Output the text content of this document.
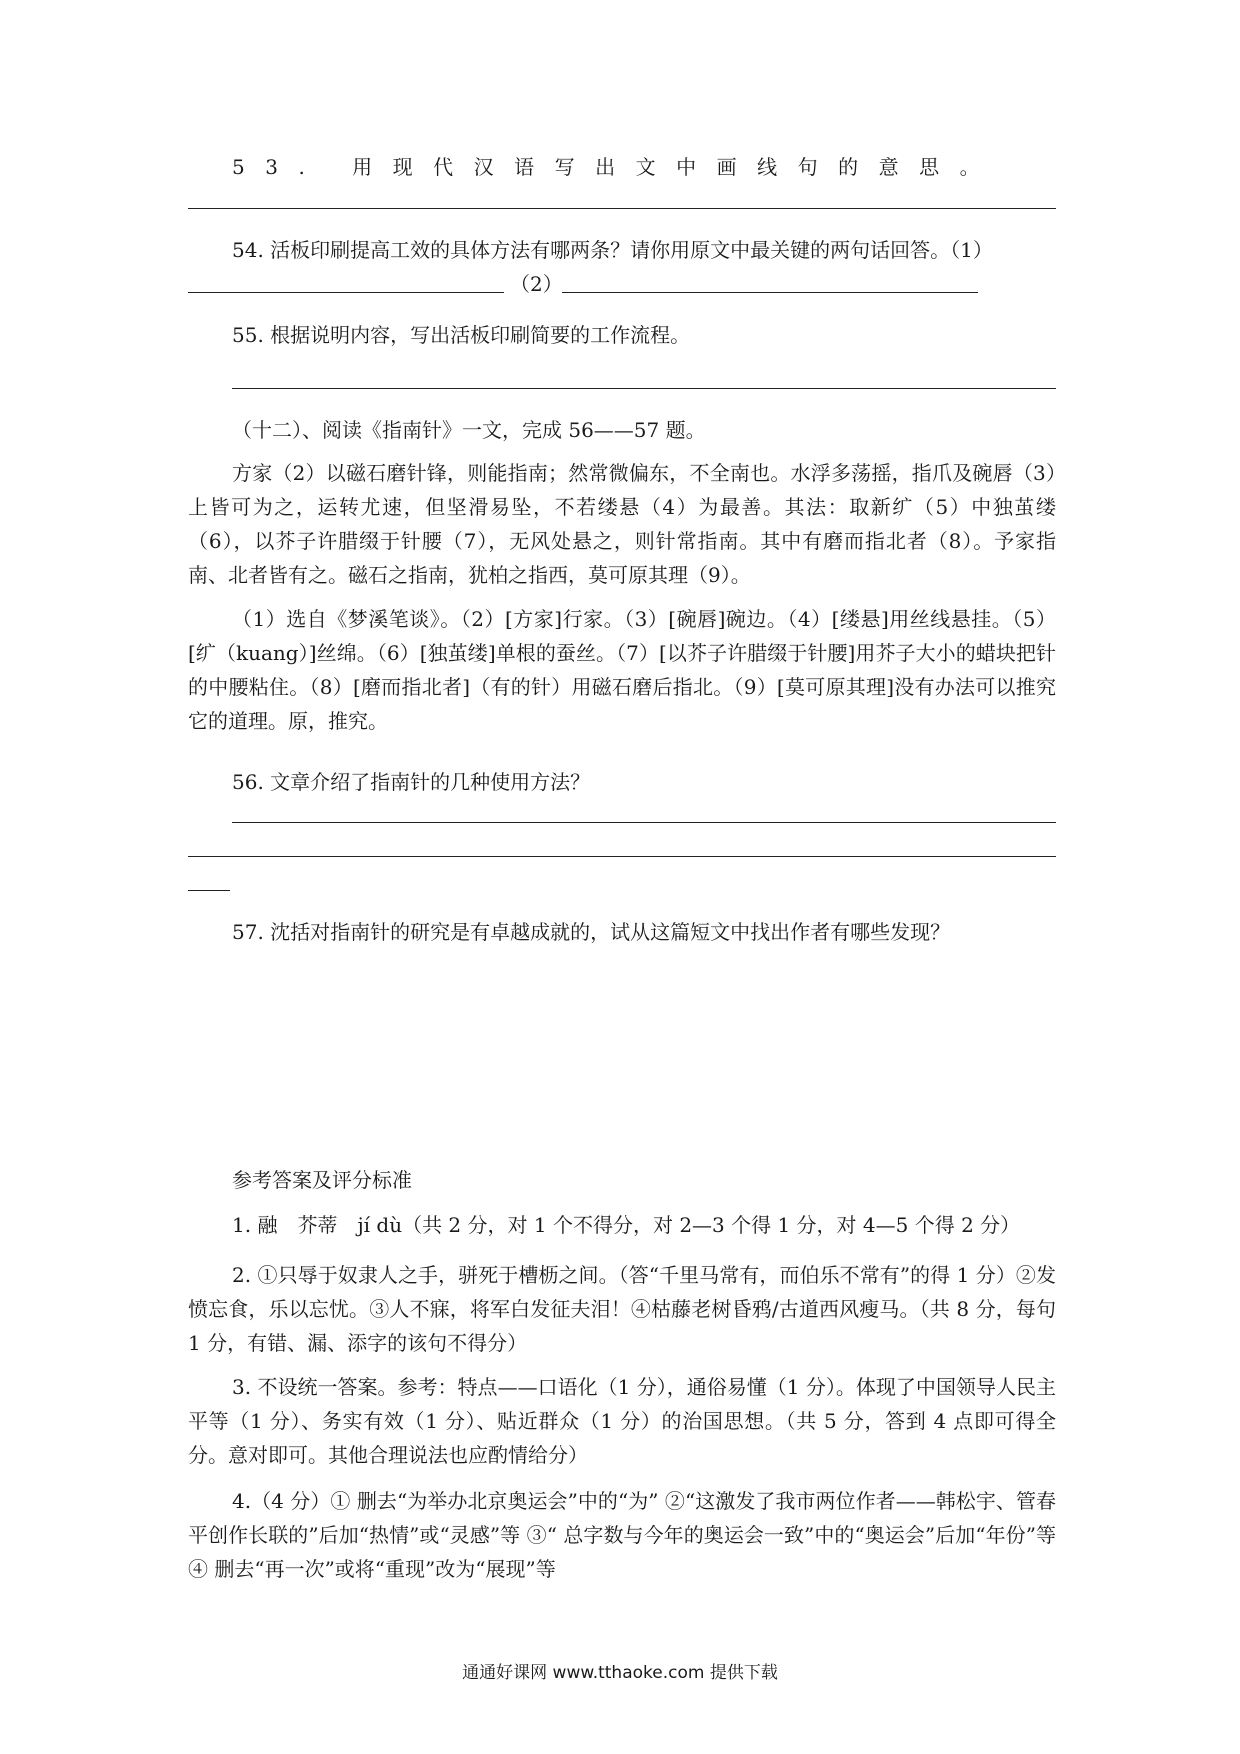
53. 用现代汉语写出文中画线句的意思。
54. 活板印刷提高工效的具体方法有哪两条？请你用原文中最关键的两句话回答。（1）
（2）
55. 根据说明内容，写出活板印刷简要的工作流程。
（十二）、阅读《指南针》一文，完成 56——57 题。
方家（2）以磁石磨针锋，则能指南；然常微偏东，不全南也。水浮多荡摇，指爪及碗唇（3）上皆可为之，运转尤速，但坚滑易坠，不若缕悬（4）为最善。其法：取新纩（5）中独茧缕（6），以芥子许腊缀于针腰（7），无风处悬之，则针常指南。其中有磨而指北者（8）。予家指南、北者皆有之。磁石之指南，犹柏之指西，莫可原其理（9）。
（1）选自《梦溪笔谈》。（2）[方家]行家。（3）[碗唇]碗边。（4）[缕悬]用丝线悬挂。（5）[纩（kuang）]丝绵。（6）[独茧缕]单根的蚕丝。（7）[以芥子许腊缀于针腰]用芥子大小的蜡块把针的中腰粘住。（8）[磨而指北者]（有的针）用磁石磨后指北。（9）[莫可原其理]没有办法可以推究它的道理。原，推究。
56. 文章介绍了指南针的几种使用方法？
57. 沈括对指南针的研究是有卓越成就的，试从这篇短文中找出作者有哪些发现？
参考答案及评分标准
1. 融　芥蒂　jí dù（共 2 分，对 1 个不得分，对 2—3 个得 1 分，对 4—5 个得 2 分）
2. ①只辱于奴隶人之手，骈死于槽枥之间。（答“千里马常有，而伯乐不常有”的得 1 分）②发愤忘食，乐以忘忧。③人不寐，将军白发征夫泪！④枯藤老树昏鸦/古道西风瘦马。（共 8 分，每句 1 分，有错、漏、添字的该句不得分）
3. 不设统一答案。参考：特点——口语化（1 分），通俗易懂（1 分）。体现了中国领导人民主平等（1 分）、务实有效（1 分）、贴近群众（1 分）的治国思想。（共 5 分，答到 4 点即可得全分。意对即可。其他合理说法也应酌情给分）
4.（4 分）① 删去“为举办北京奥运会”中的“为” ②“这激发了我市两位作者——韩松宇、管春平创作长联的”后加“热情”或“灵感”等 ③“ 总字数与今年的奥运会一致”中的“奥运会”后加“年份”等 ④ 删去“再一次”或将“重现”改为“展现”等
通通好课网 www.tthaoke.com 提供下载
